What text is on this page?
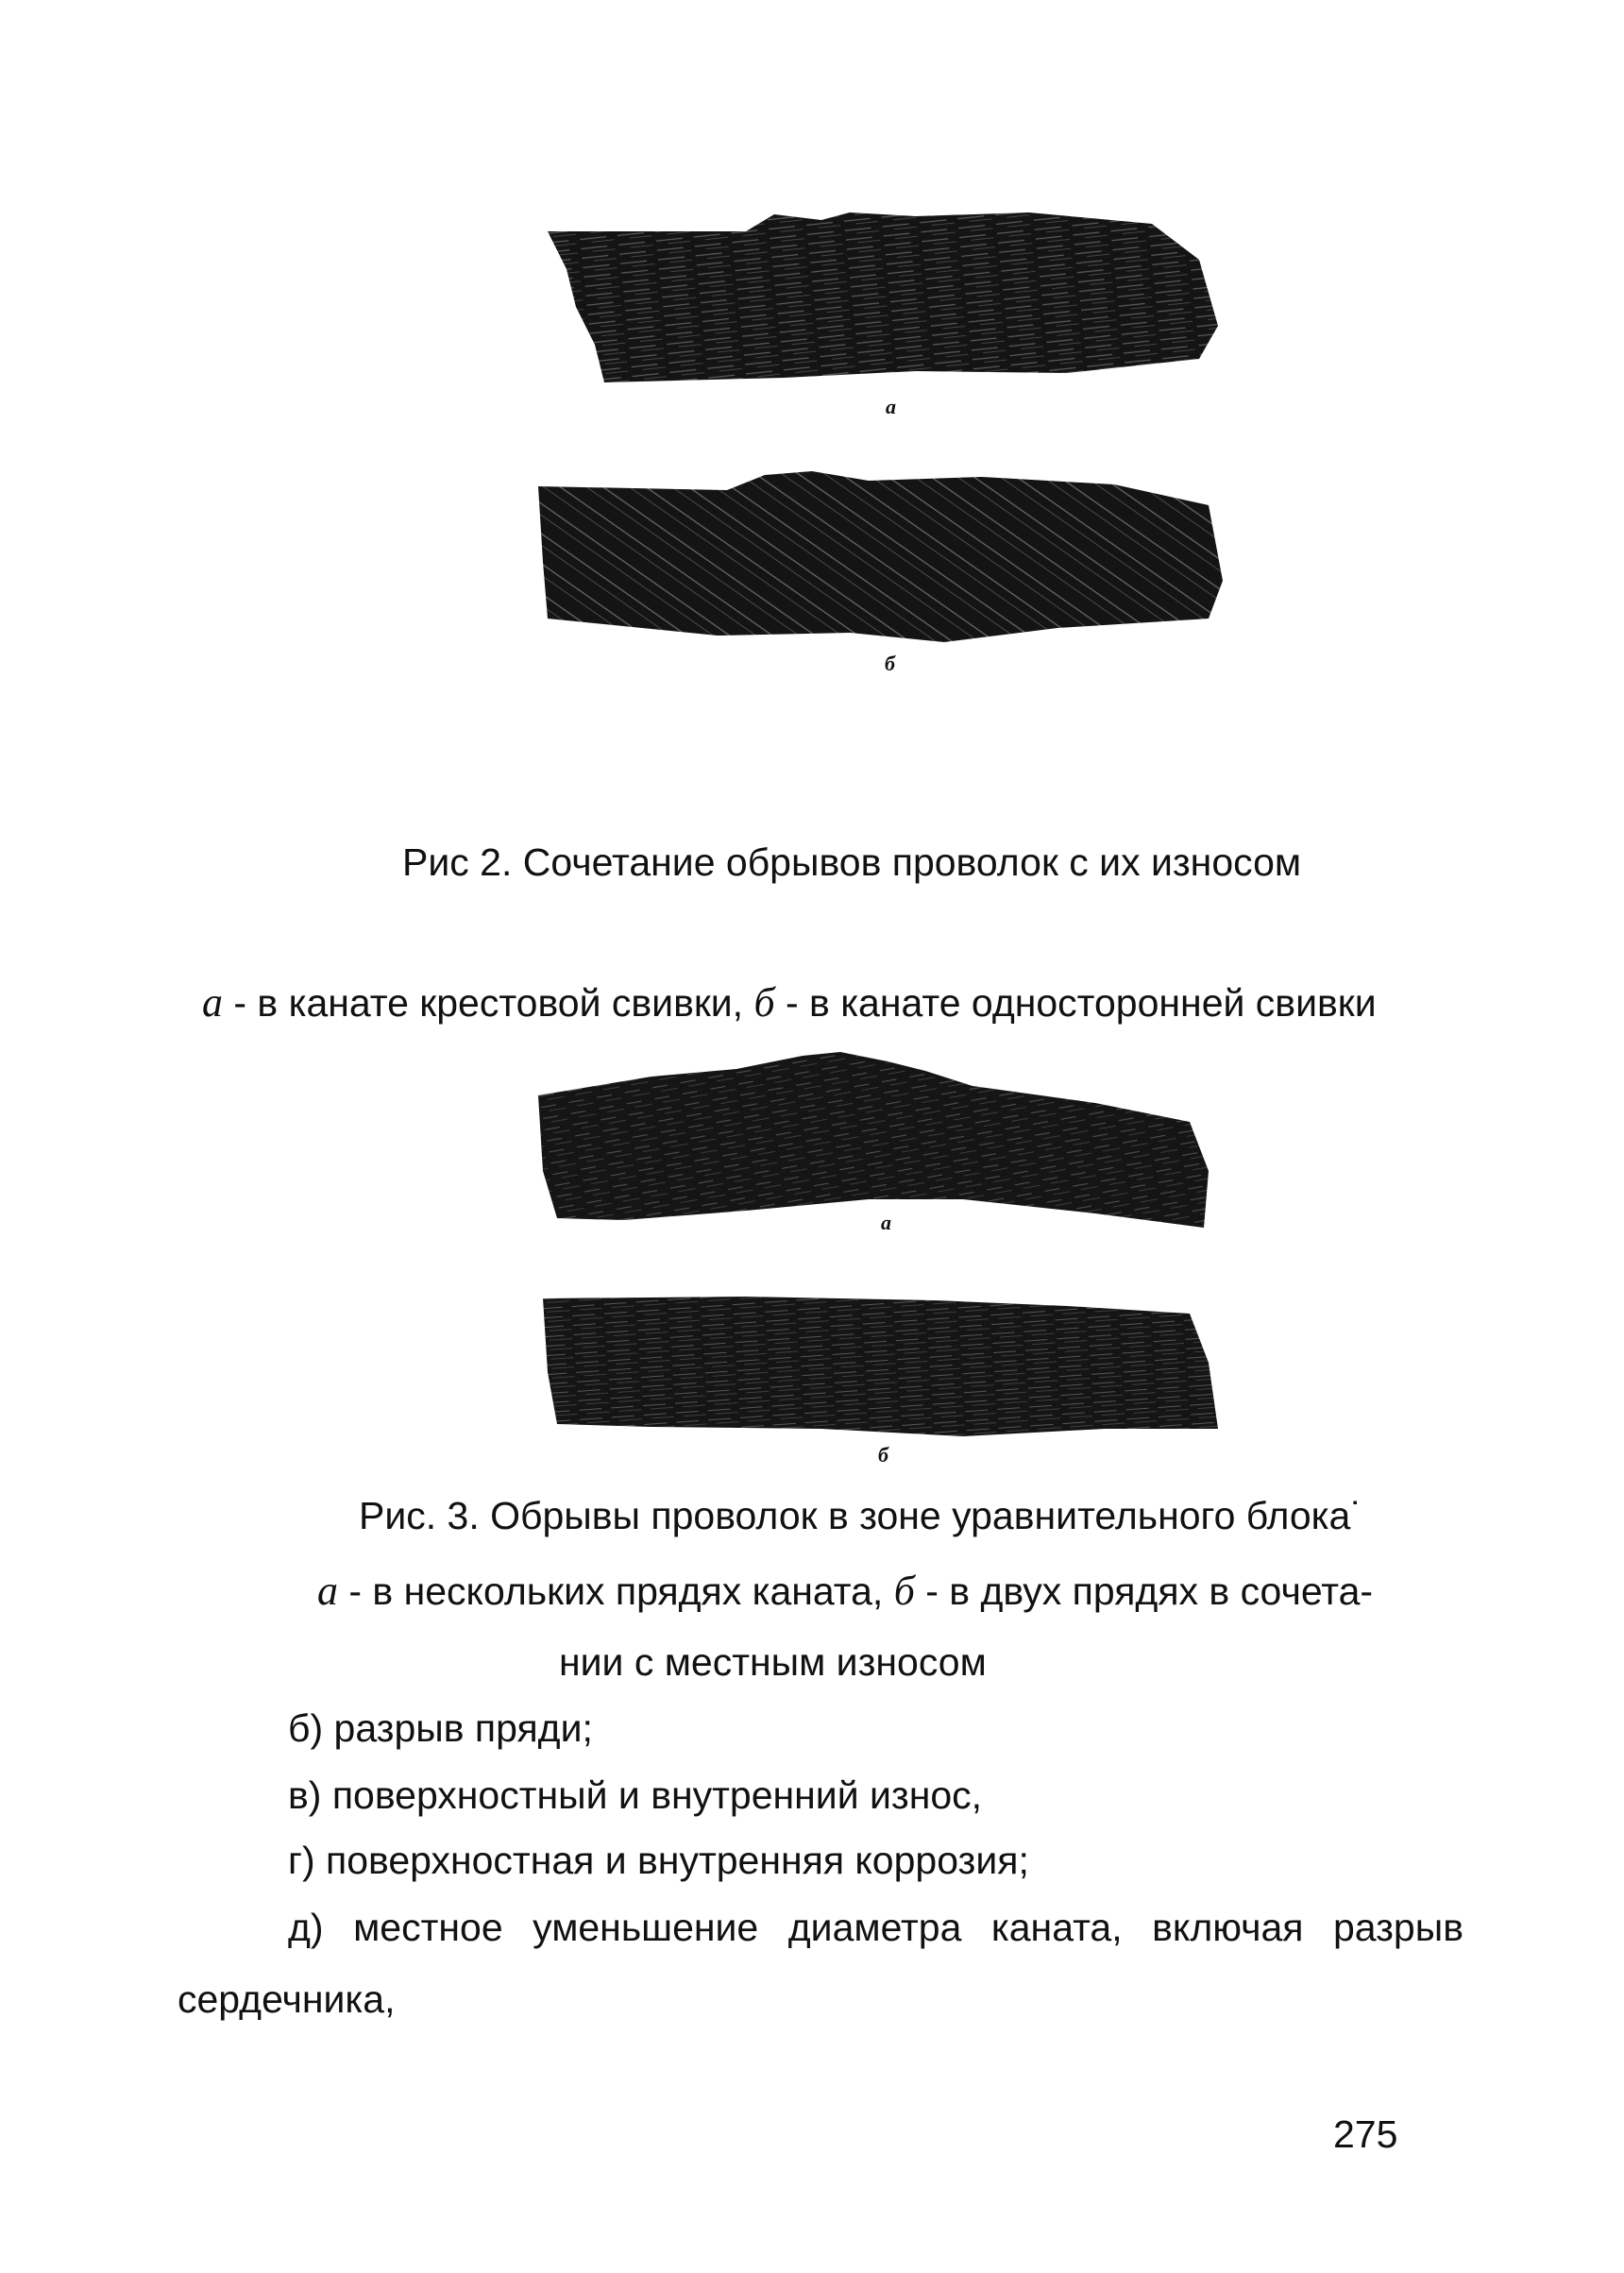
а
б
Рис 2. Сочетание обрывов проволок с их износом
а - в канате крестовой свивки, б - в канате односторонней свивки
а
б
Рис. 3. Обрывы проволок в зоне уравнительного блока˙
а - в нескольких прядях каната, б - в двух прядях в сочета-
нии с местным износом
б) разрыв пряди;
в) поверхностный и внутренний износ,
г) поверхностная и внутренняя коррозия;
д) местное уменьшение диаметра каната, включая разрыв
сердечника,
275
